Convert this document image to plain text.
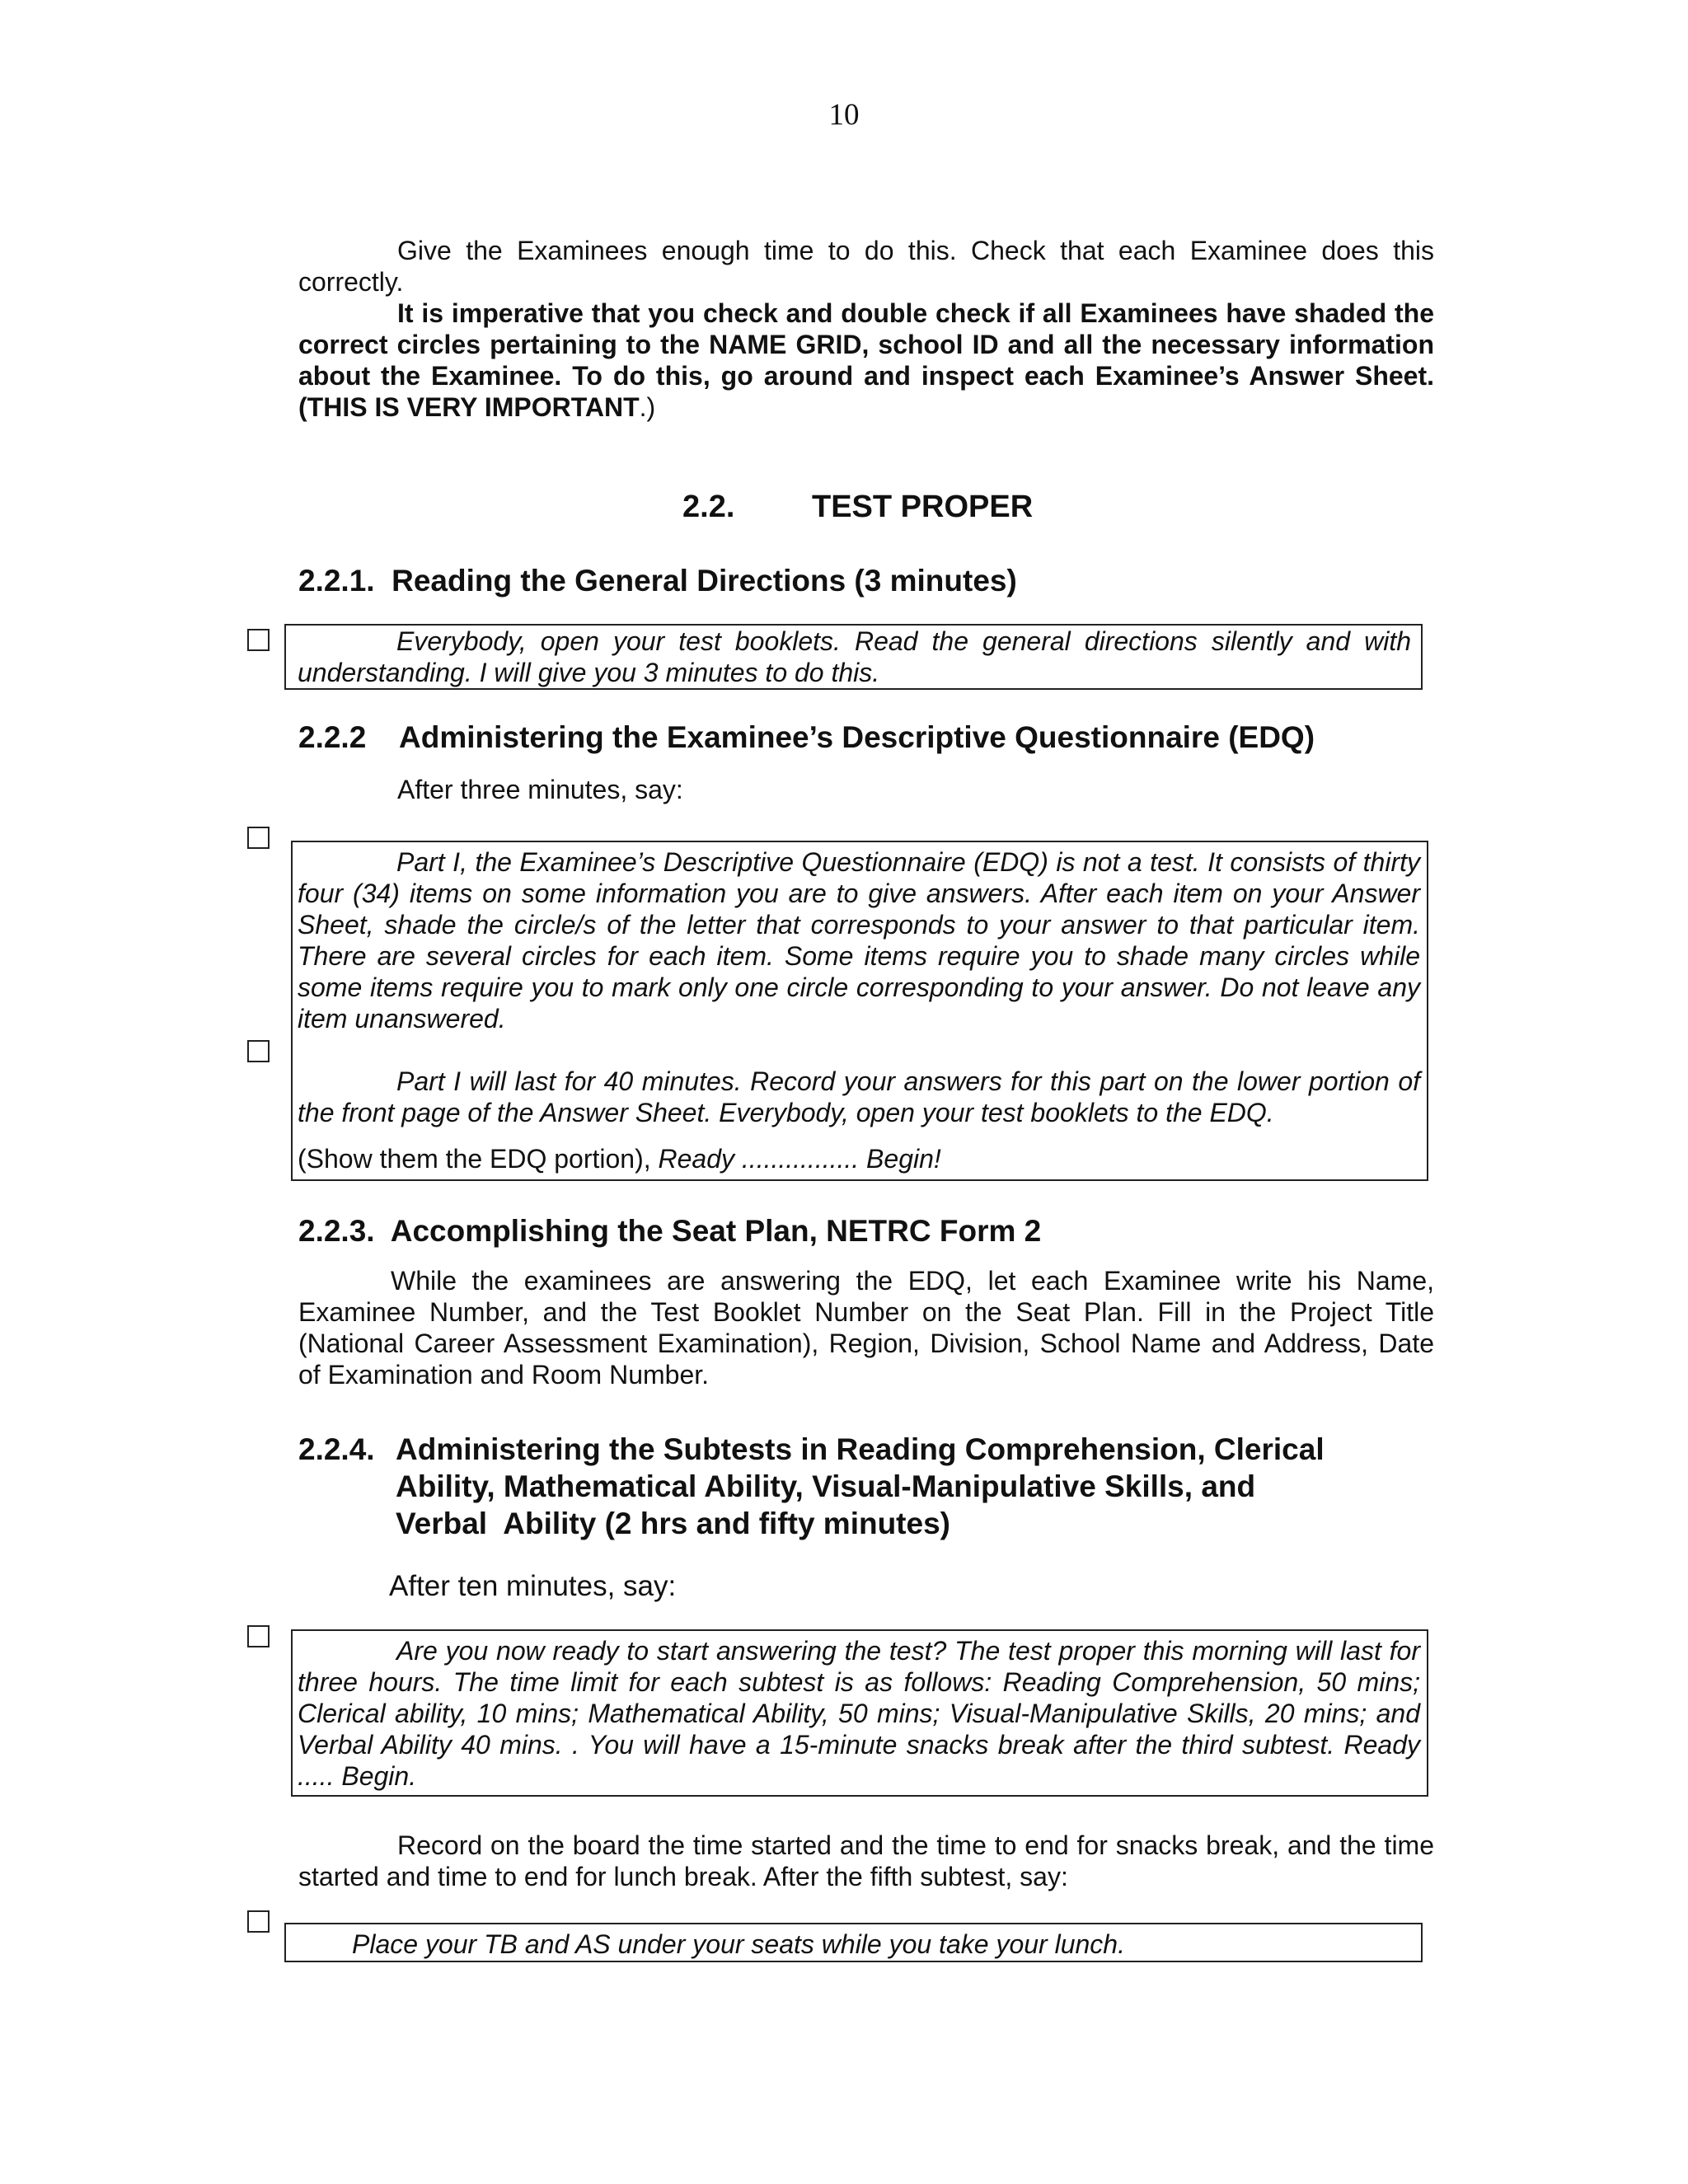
10

Give the Examinees enough time to do this. Check that each Examinee does this correctly.

It is imperative that you check and double check if all Examinees have shaded the correct circles pertaining to the NAME GRID, school ID and all the necessary information about the Examinee. To do this, go around and inspect each Examinee’s Answer Sheet. (THIS IS VERY IMPORTANT.)

2.2. TEST PROPER
2.2.1.  Reading the General Directions (3 minutes)

Everybody, open your test booklets. Read the general directions silently and with understanding. I will give you 3 minutes to do this.

2.2.2    Administering the Examinee’s Descriptive Questionnaire (EDQ)
After three minutes, say:

Part I, the Examinee’s Descriptive Questionnaire (EDQ) is not a test. It consists of thirty four (34) items on some information you are to give answers. After each item on your Answer Sheet, shade the circle/s of the letter that corresponds to your answer to that particular item. There are several circles for each item. Some items require you to shade many circles while some items require you to mark only one circle corresponding to your answer. Do not leave any item unanswered.

Part I will last for 40 minutes. Record your answers for this part on the lower portion of the front page of the Answer Sheet. Everybody, open your test booklets to the EDQ.

(Show them the EDQ portion), Ready ................ Begin!

2.2.3.  Accomplishing the Seat Plan, NETRC Form 2

While the examinees are answering the EDQ, let each Examinee write his Name, Examinee Number, and the Test Booklet Number on the Seat Plan. Fill in the Project Title (National Career Assessment Examination), Region, Division, School Name and Address, Date of Examination and Room Number.

2.2.4. Administering the Subtests in Reading Comprehension, Clerical
Ability, Mathematical Ability, Visual-Manipulative Skills, and
Verbal  Ability (2 hrs and fifty minutes)
After ten minutes, say:

Are you now ready to start answering the test? The test proper this morning will last for three hours. The time limit for each subtest is as follows: Reading Comprehension, 50 mins; Clerical ability, 10 mins; Mathematical Ability, 50 mins; Visual-Manipulative Skills, 20 mins; and Verbal Ability 40 mins. . You will have a 15-minute snacks break after the third subtest. Ready ..... Begin.

Record on the board the time started and the time to end for snacks break, and the time started and time to end for lunch break. After the fifth subtest, say:

Place your TB and AS under your seats while you take your lunch.
